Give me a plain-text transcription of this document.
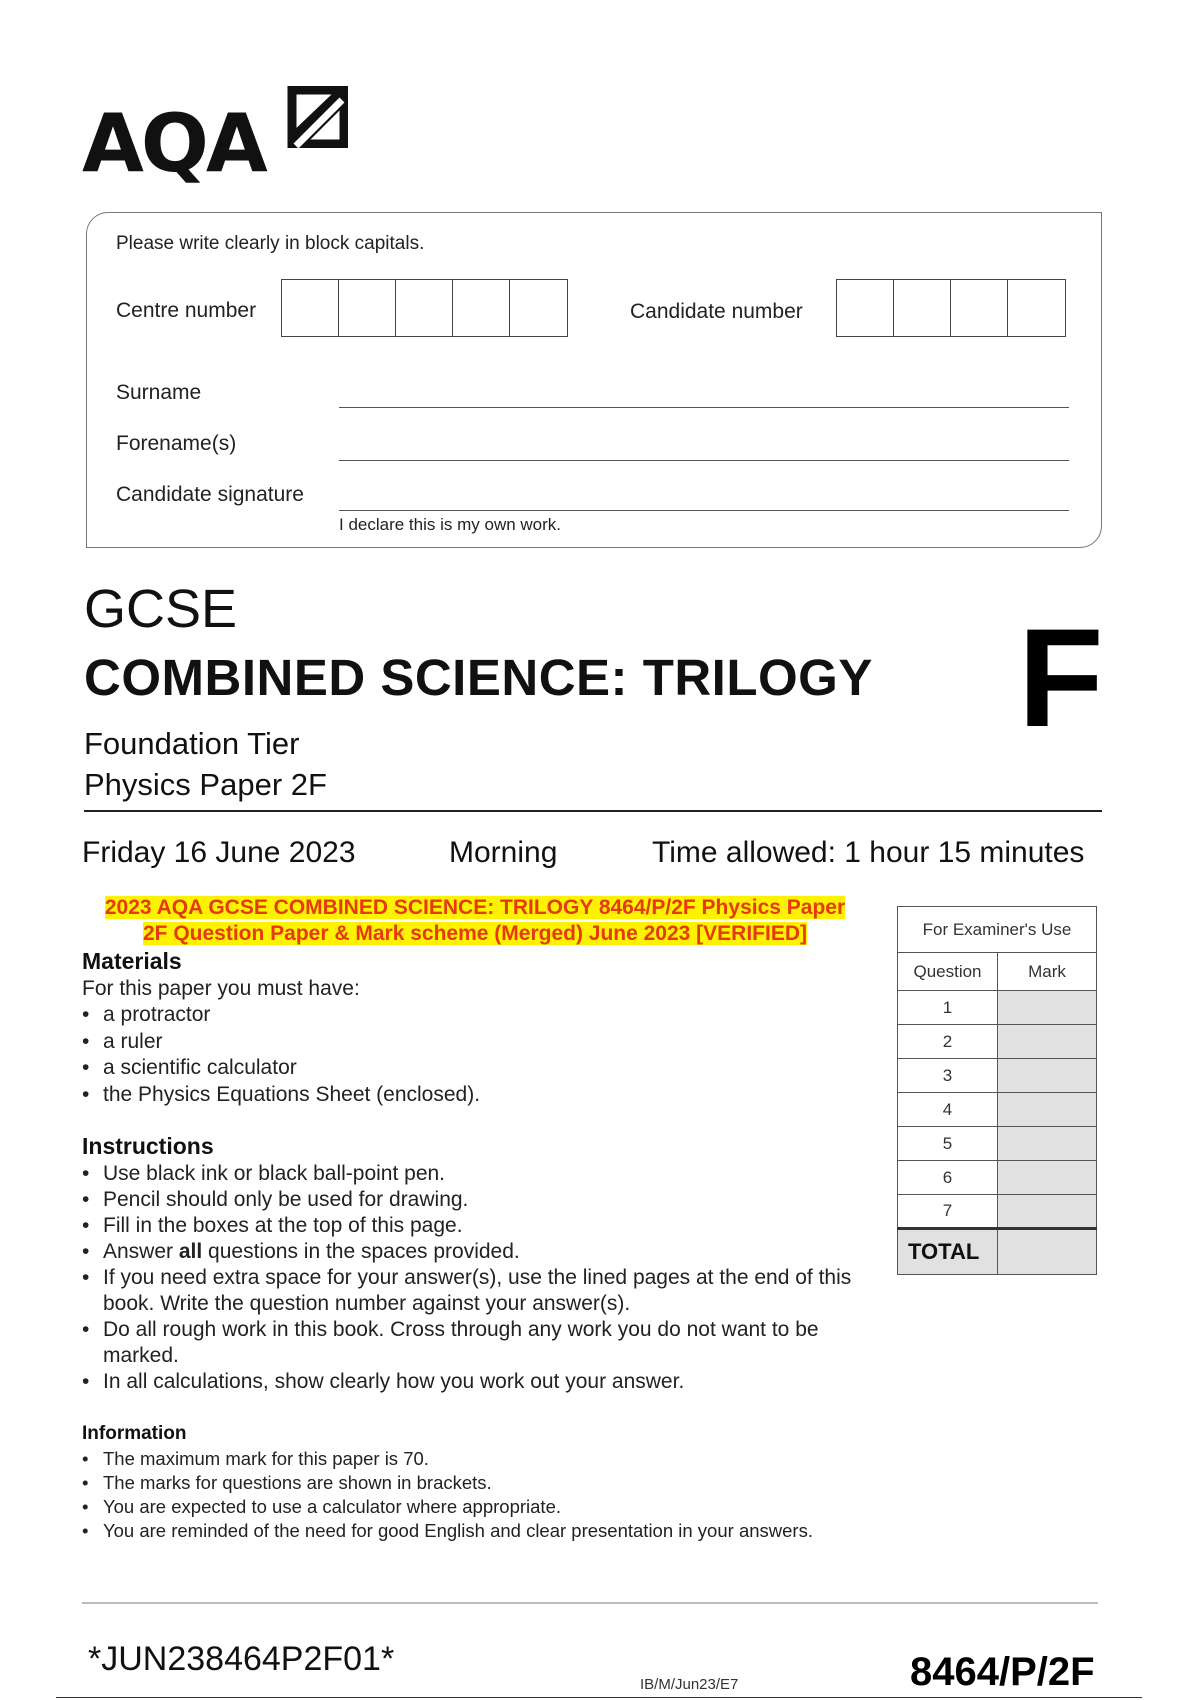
AQA
Please write clearly in block capitals.
Centre number	Candidate number
Surname
Forename(s)
Candidate signature
I declare this is my own work.
GCSE
COMBINED SCIENCE: TRILOGY F
Foundation Tier
Physics Paper 2F
Friday 16 June 2023	Morning	Time allowed: 1 hour 15 minutes
2023 AQA GCSE COMBINED SCIENCE: TRILOGY 8464/P/2F Physics Paper
2F Question Paper & Mark scheme (Merged) June 2023 [VERIFIED]
Materials
For this paper you must have:
• a protractor
• a ruler
• a scientific calculator
• the Physics Equations Sheet (enclosed).
Instructions
• Use black ink or black ball-point pen.
• Pencil should only be used for drawing.
• Fill in the boxes at the top of this page.
• Answer all questions in the spaces provided.
• If you need extra space for your answer(s), use the lined pages at the end of this book. Write the question number against your answer(s).
• Do all rough work in this book. Cross through any work you do not want to be marked.
• In all calculations, show clearly how you work out your answer.
Information
• The maximum mark for this paper is 70.
• The marks for questions are shown in brackets.
• You are expected to use a calculator where appropriate.
• You are reminded of the need for good English and clear presentation in your answers.
For Examiner's Use	
Question	Mark
1	
2	
3	
4	
5	
6	
7	
TOTAL	
*JUN238464P2F01*
IB/M/Jun23/E7	8464/P/2F
